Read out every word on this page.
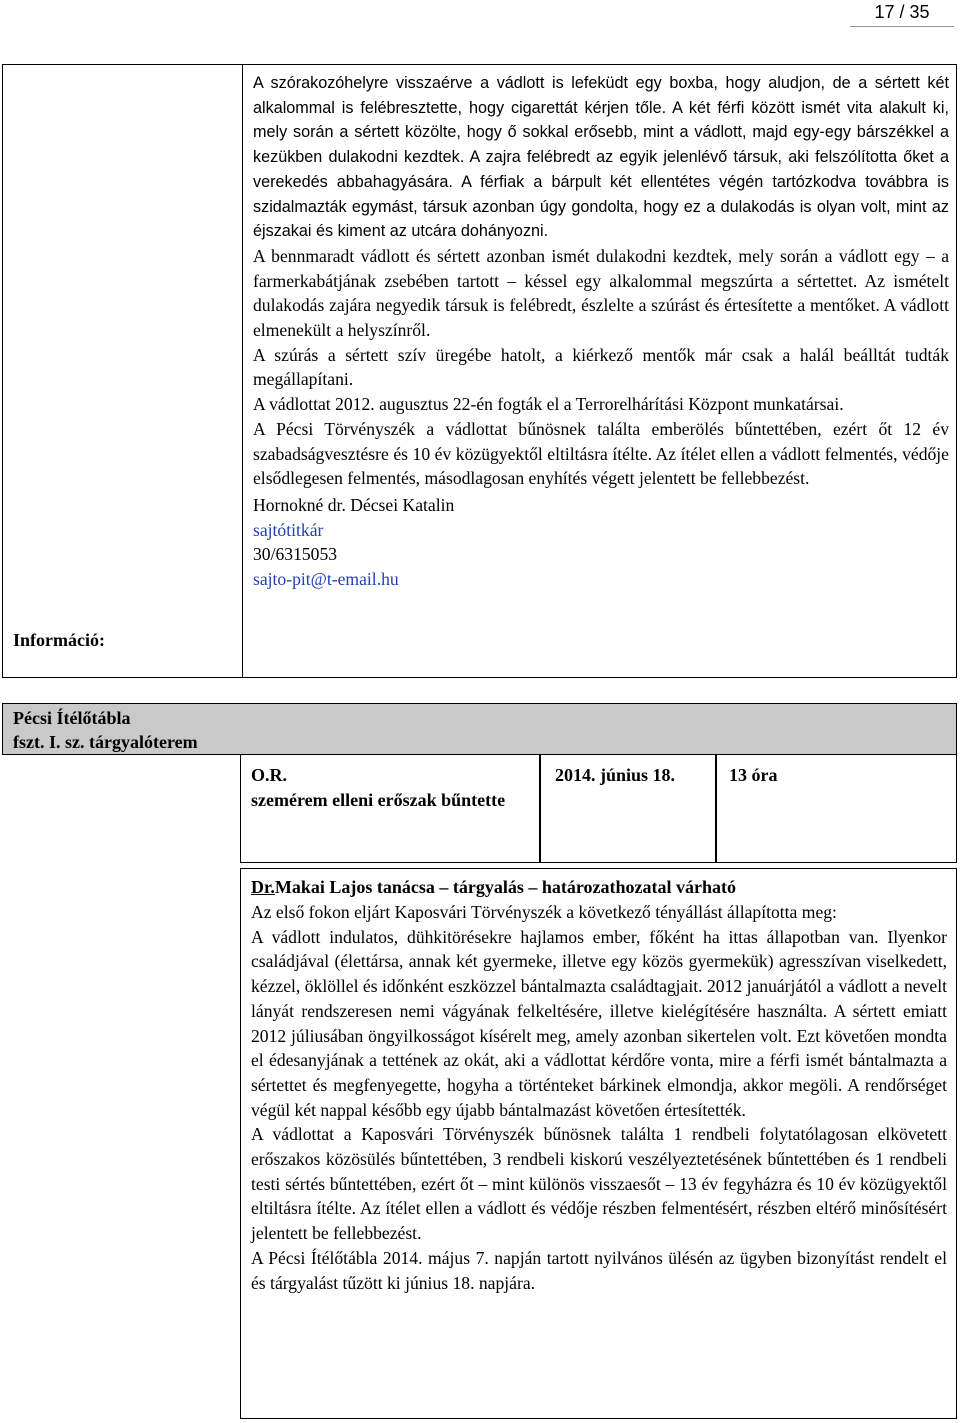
17 / 35
Információ:

A szórakozóhelyre visszaérve a vádlott is lefeküdt egy boxba, hogy aludjon, de a sértett két alkalommal is felébresztette, hogy cigarettát kérjen tőle. A két férfi között ismét vita alakult ki, mely során a sértett közölte, hogy ő sokkal erősebb, mint a vádlott, majd egy-egy bárszékkel a kezükben dulakodni kezdtek. A zajra felébredt az egyik jelenlévő társuk, aki felszólította őket a verekedés abbahagyására. A férfiak a bárpult két ellentétes végén tartózkodva továbbra is szidalmazták egymást, társuk azonban úgy gondolta, hogy ez a dulakodás is olyan volt, mint az éjszakai és kiment az utcára dohányozni.

A bennmaradt vádlott és sértett azonban ismét dulakodni kezdtek, mely során a vádlott egy – a farmerkabátjának zsebében tartott – késsel egy alkalommal megszúrta a sértettet. Az ismételt dulakodás zajára negyedik társuk is felébredt, észlelte a szúrást és értesítette a mentőket. A vádlott elmenekült a helyszínről.

A szúrás a sértett szív üregébe hatolt, a kiérkező mentők már csak a halál beálltát tudták megállapítani.

A vádlottat 2012. augusztus 22-én fogták el a Terrorelhárítási Központ munkatársai.

A Pécsi Törvényszék a vádlottat bűnösnek találta emberölés bűntettében, ezért őt 12 év szabadságvesztésre és 10 év közügyektől eltiltásra ítélte. Az ítélet ellen a vádlott felmentés, védője elsődlegesen felmentés, másodlagosan enyhítés végett jelentett be fellebbezést.

Hornokné dr. Décsei Katalin
sajtótitkár
30/6315053
sajto-pit@t-email.hu
Pécsi Ítélőtábla
fszt. I. sz. tárgyalóterem
O.R.
szemérem elleni erőszak bűntette
2014. június 18.	13 óra
Dr.Makai Lajos tanácsa – tárgyalás – határozathozatal várható

Az első fokon eljárt Kaposvári Törvényszék a következő tényállást állapította meg:

A vádlott indulatos, dühkitörésekre hajlamos ember, főként ha ittas állapotban van. Ilyenkor családjával (élettársa, annak két gyermeke, illetve egy közös gyermekük) agresszívan viselkedett, kézzel, öklöllel és időnként eszközzel bántalmazta családtagjait. 2012 januárjától a vádlott a nevelt lányát rendszeresen nemi vágyának felkeltésére, illetve kielégítésére használta. A sértett emiatt 2012 júliusában öngyilkosságot kísérelt meg, amely azonban sikertelen volt. Ezt követően mondta el édesanyjának a tettének az okát, aki a vádlottat kérdőre vonta, mire a férfi ismét bántalmazta a sértettet és megfenyegette, hogyha a történteket bárkinek elmondja, akkor megöli. A rendőrséget végül két nappal később egy újabb bántalmazást követően értesítették.

A vádlottat a Kaposvári Törvényszék bűnösnek találta 1 rendbeli folytatólagosan elkövetett erőszakos közösülés bűntettében, 3 rendbeli kiskorú veszélyeztetésének bűntettében és 1 rendbeli testi sértés bűntettében, ezért őt – mint különös visszaesőt – 13 év fegyházra és 10 év közügyektől eltiltásra ítélte. Az ítélet ellen a vádlott és védője részben felmentésért, részben eltérő minősítésért jelentett be fellebbezést.

A Pécsi Ítélőtábla 2014. május 7. napján tartott nyilvános ülésén az ügyben bizonyítást rendelt el és tárgyalást tűzött ki június 18. napjára.
